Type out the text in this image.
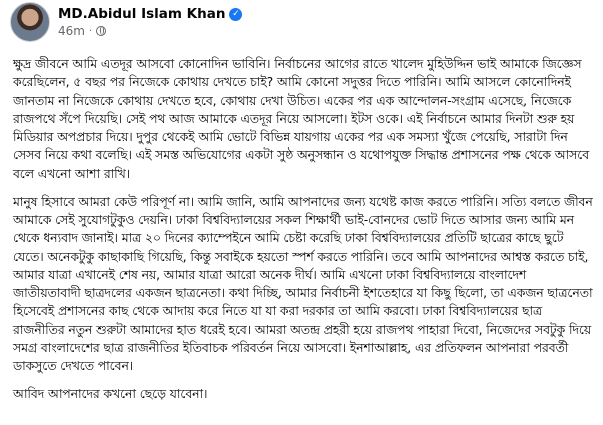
MD.Abidul Islam Khan ✓
46m ·

ক্ষুদ্র জীবনে আমি এতদূর আসবো কোনোদিন ভাবিনি। নির্বাচনের আগের রাতে খালেদ মুহিউদ্দিন ভাই আমাকে জিজ্ঞেস করেছিলেন, ৫ বছর পর নিজেকে কোথায় দেখতে চাই? আমি কোনো সদুত্তর দিতে পারিনি। আমি আসলে কোনোদিনই জানতাম না নিজেকে কোথায় দেখতে হবে, কোথায় দেখা উচিত। একের পর এক আন্দোলন-সংগ্রাম এসেছে, নিজেকে রাজপথে সঁপে দিয়েছি। সেই পথ আজ আমাকে এতদূর নিয়ে আসলো। ইটস ওকে। এই নির্বাচনে আমার দিনটা শুরু হয় মিডিয়ার অপপ্রচার দিয়ে। দুপুর থেকেই আমি ভোটে বিভিন্ন যায়গায় একের পর এক সমস্যা খুঁজে পেয়েছি, সারাটা দিন সেসব নিয়ে কথা বলেছি। এই সমস্ত অভিযোগের একটা সুষ্ঠ অনুসন্ধান ও যথোপযুক্ত সিদ্ধান্ত প্রশাসনের পক্ষ থেকে আসবে বলে এখনো আশা রাখি।

মানুষ হিসাবে আমরা কেউ পরিপূর্ণ না। আমি জানি, আমি আপনাদের জন্য যথেষ্ট কাজ করতে পারিনি। সত্যি বলতে জীবন আমাকে সেই সুযোগটুকুও দেয়নি। ঢাকা বিশ্ববিদ্যালয়ের সকল শিক্ষার্থী ভাই-বোনদের ভোট দিতে আসার জন্য আমি মন থেকে ধন্যবাদ জানাই। মাত্র ২০ দিনের ক্যাম্পেইনে আমি চেষ্টা করেছি ঢাকা বিশ্ববিদ্যালয়ের প্রতিটি ছাত্রের কাছে ছুটে যেতে। অনেকটুকু কাছাকাছি গিয়েছি, কিন্তু সবাইকে হয়তো স্পর্শ করতে পারিনি। তবে আমি আপনাদের আশ্বস্ত করতে চাই, আমার যাত্রা এখানেই শেষ নয়, আমার যাত্রা আরো অনেক দীর্ঘ। আমি এখনো ঢাকা বিশ্ববিদ্যালয়ে বাংলাদেশ জাতীয়তাবাদী ছাত্রদলের একজন ছাত্রনেতা। কথা দিচ্ছি, আমার নির্বাচনী ইশতেহারে যা কিছু ছিলো, তা একজন ছাত্রনেতা হিসেবেই প্রশাসনের কাছ থেকে আদায় করে নিতে যা যা করা দরকার তা আমি করবো। ঢাকা বিশ্ববিদ্যালয়ের ছাত্র রাজনীতির নতুন শুরুটা আমাদের হাত ধরেই হবে। আমরা অতন্দ্র প্রহরী হয়ে রাজপথ পাহারা দিবো, নিজেদের সবটুকু দিয়ে সমগ্র বাংলাদেশের ছাত্র রাজনীতির ইতিবাচক পরিবর্তন নিয়ে আসবো। ইনশাআল্লাহ, এর প্রতিফলন আপনারা পরবর্তী ডাকসুতে দেখতে পাবেন।

আবিদ আপনাদের কখনো ছেড়ে যাবেনা।
